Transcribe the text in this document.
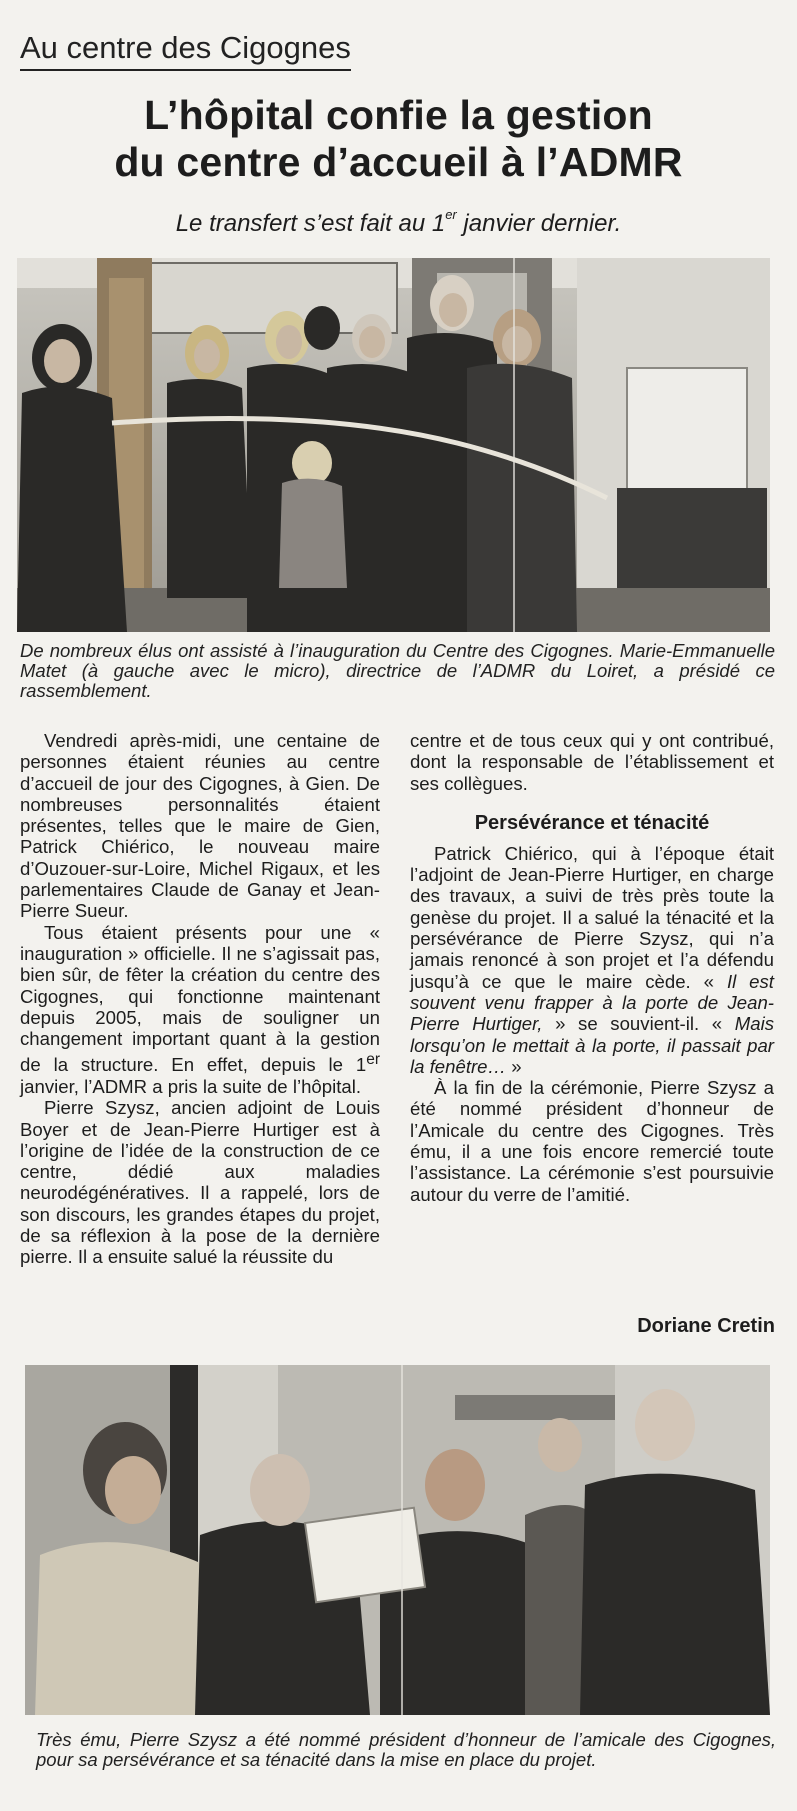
Au centre des Cigognes
L’hôpital confie la gestion
du centre d’accueil à l’ADMR
Le transfert s’est fait au 1er janvier dernier.
De nombreux élus ont assisté à l’inauguration du Centre des Cigognes. Marie-Emmanuelle Matet (à gauche avec le micro), directrice de l’ADMR du Loiret, a présidé ce rassemblement.

Vendredi après-midi, une centaine de personnes étaient réunies au centre d’accueil de jour des Cigognes, à Gien. De nombreuses personnalités étaient présentes, telles que le maire de Gien, Patrick Chiérico, le nouveau maire d’Ouzouer-sur-Loire, Michel Rigaux, et les parlementaires Claude de Ganay et Jean-Pierre Sueur.

Tous étaient présents pour une « inauguration » officielle. Il ne s’agissait pas, bien sûr, de fêter la création du centre des Cigognes, qui fonctionne maintenant depuis 2005, mais de souligner un changement important quant à la gestion de la structure. En effet, depuis le 1er janvier, l’ADMR a pris la suite de l’hôpital.

Pierre Szysz, ancien adjoint de Louis Boyer et de Jean-Pierre Hurtiger est à l’origine de l’idée de la construction de ce centre, dédié aux maladies neurodégénératives. Il a rappelé, lors de son discours, les grandes étapes du projet, de sa réflexion à la pose de la dernière pierre. Il a ensuite salué la réussite du

centre et de tous ceux qui y ont contribué, dont la responsable de l’établissement et ses collègues.

Persévérance et ténacité

Patrick Chiérico, qui à l’époque était l’adjoint de Jean-Pierre Hurtiger, en charge des travaux, a suivi de très près toute la genèse du projet. Il a salué la ténacité et la persévérance de Pierre Szysz, qui n’a jamais renoncé à son projet et l’a défendu jusqu’à ce que le maire cède. « Il est souvent venu frapper à la porte de Jean-Pierre Hurtiger, » se souvient-il. « Mais lorsqu’on le mettait à la porte, il passait par la fenêtre… »

À la fin de la cérémonie, Pierre Szysz a été nommé président d’honneur de l’Amicale du centre des Cigognes. Très ému, il a une fois encore remercié toute l’assistance. La cérémonie s’est poursuivie autour du verre de l’amitié.

Doriane Cretin
Très ému, Pierre Szysz a été nommé président d’honneur de l’amicale des Cigognes, pour sa persévérance et sa ténacité dans la mise en place du projet.
